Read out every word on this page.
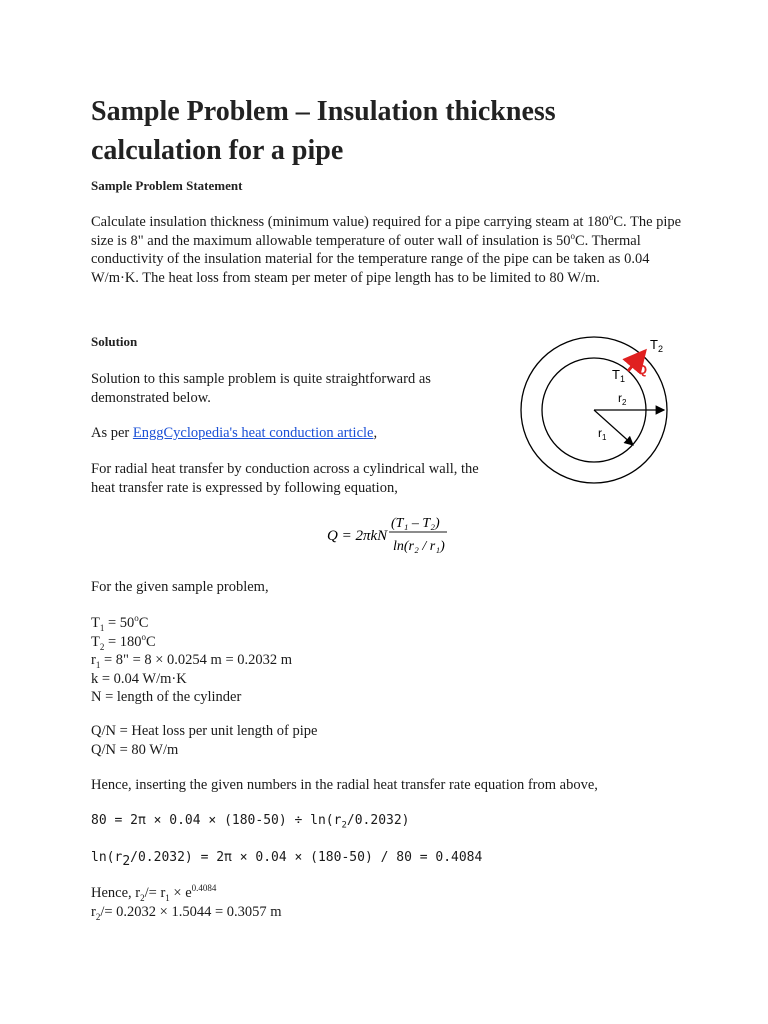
Sample Problem – Insulation thickness calculation for a pipe

Sample Problem Statement

Calculate insulation thickness (minimum value) required for a pipe carrying steam at 180$^o$C. The pipe size is 8" and the maximum allowable temperature of outer wall of insulation is 50$^o$C. Thermal conductivity of the insulation material for the temperature range of the pipe can be taken as 0.04 W/m·K. The heat loss from steam per meter of pipe length has to be limited to 80 W/m.

Solution

Solution to this sample problem is quite straightforward as demonstrated below.

As per EnggCyclopedia's heat conduction article,

For radial heat transfer by conduction across a cylindrical wall, the heat transfer rate is expressed by following equation,

Q = 2πkN
(T₁ – T₂)
ln(r₂ / r₁)

For the given sample problem,

$T_1 = 50^oC$
$T_2 = 180^oC$
$r_1 = 8$" = 8 × 0.0254 m = 0.2032 m
k = 0.04 W/m·K
N = length of the cylinder
Q/N = Heat loss per unit length of pipe
Q/N = 80 W/m

Hence, inserting the given numbers in the radial heat transfer rate equation from above,

$80 = 2\pi \times 0.04 \times (180-50) \div \ln(r_2/0.2032)$

$\ln(r_2/0.2032) = 2\pi \times 0.04 \times (180-50) / 80 = 0.4084$

Hence, $r_2/= r_1 \times e^{0.4084}$
$r_2/= 0.2032 \times 1.5044 = 0.3057$ m
$T_2$
$T_1$
Q
$r_2$
$r_1$
